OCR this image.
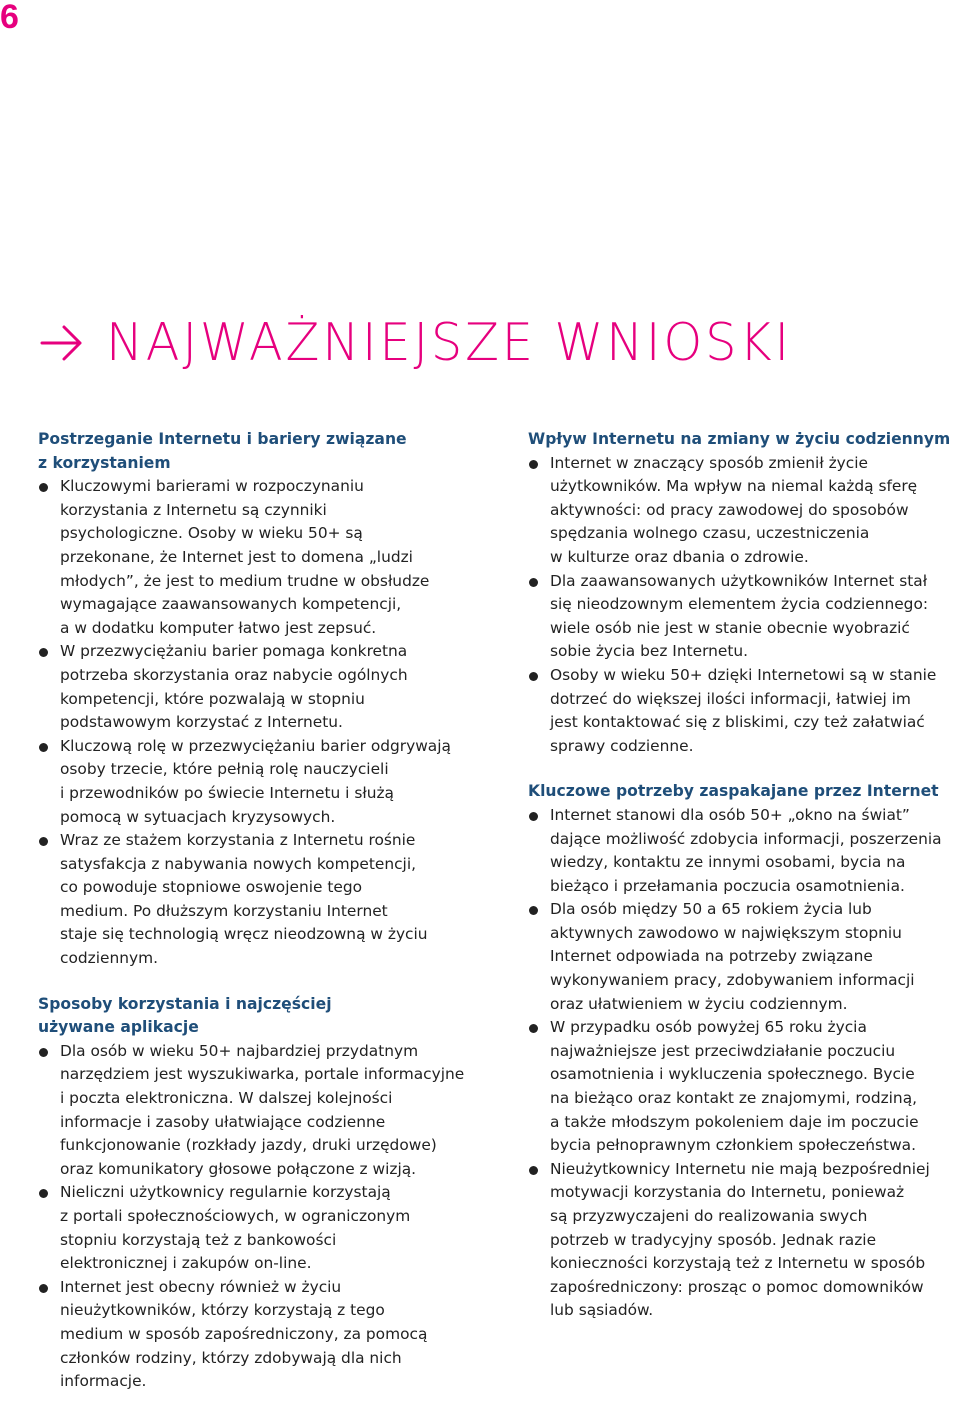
6
NAJWAŻNIEJSZE WNIOSKI
Postrzeganie Internetu i bariery związane
z korzystaniem
Kluczowymi barierami w rozpoczynaniu
korzystania z Internetu są czynniki
psychologiczne. Osoby w wieku 50+ są
przekonane, że Internet jest to domena „ludzi
młodych”, że jest to medium trudne w obsłudze
wymagające zaawansowanych kompetencji,
a w dodatku komputer łatwo jest zepsuć.
W przezwyciężaniu barier pomaga konkretna
potrzeba skorzystania oraz nabycie ogólnych
kompetencji, które pozwalają w stopniu
podstawowym korzystać z Internetu.
Kluczową rolę w przezwyciężaniu barier odgrywają
osoby trzecie, które pełnią rolę nauczycieli
i przewodników po świecie Internetu i służą
pomocą w sytuacjach kryzysowych.
Wraz ze stażem korzystania z Internetu rośnie
satysfakcja z nabywania nowych kompetencji,
co powoduje stopniowe oswojenie tego
medium. Po dłuższym korzystaniu Internet
staje się technologią wręcz nieodzowną w życiu
codziennym.
Sposoby korzystania i najczęściej
używane aplikacje
Dla osób w wieku 50+ najbardziej przydatnym
narzędziem jest wyszukiwarka, portale informacyjne
i poczta elektroniczna. W dalszej kolejności
informacje i zasoby ułatwiające codzienne
funkcjonowanie (rozkłady jazdy, druki urzędowe)
oraz komunikatory głosowe połączone z wizją.
Nieliczni użytkownicy regularnie korzystają
z portali społecznościowych, w ograniczonym
stopniu korzystają też z bankowości
elektronicznej i zakupów on-line.
Internet jest obecny również w życiu
nieużytkowników, którzy korzystają z tego
medium w sposób zapośredniczony, za pomocą
członków rodziny, którzy zdobywają dla nich
informacje.
Wpływ Internetu na zmiany w życiu codziennym
Internet w znaczący sposób zmienił życie
użytkowników. Ma wpływ na niemal każdą sferę
aktywności: od pracy zawodowej do sposobów
spędzania wolnego czasu, uczestniczenia
w kulturze oraz dbania o zdrowie.
Dla zaawansowanych użytkowników Internet stał
się nieodzownym elementem życia codziennego:
wiele osób nie jest w stanie obecnie wyobrazić
sobie życia bez Internetu.
Osoby w wieku 50+ dzięki Internetowi są w stanie
dotrzeć do większej ilości informacji, łatwiej im
jest kontaktować się z bliskimi, czy też załatwiać
sprawy codzienne.
Kluczowe potrzeby zaspakajane przez Internet
Internet stanowi dla osób 50+ „okno na świat”
dające możliwość zdobycia informacji, poszerzenia
wiedzy, kontaktu ze innymi osobami, bycia na
bieżąco i przełamania poczucia osamotnienia.
Dla osób między 50 a 65 rokiem życia lub
aktywnych zawodowo w największym stopniu
Internet odpowiada na potrzeby związane
wykonywaniem pracy, zdobywaniem informacji
oraz ułatwieniem w życiu codziennym.
W przypadku osób powyżej 65 roku życia
najważniejsze jest przeciwdziałanie poczuciu
osamotnienia i wykluczenia społecznego. Bycie
na bieżąco oraz kontakt ze znajomymi, rodziną,
a także młodszym pokoleniem daje im poczucie
bycia pełnoprawnym członkiem społeczeństwa.
Nieużytkownicy Internetu nie mają bezpośredniej
motywacji korzystania do Internetu, ponieważ
są przyzwyczajeni do realizowania swych
potrzeb w tradycyjny sposób. Jednak razie
konieczności korzystają też z Internetu w sposób
zapośredniczony: prosząc o pomoc domowników
lub sąsiadów.
